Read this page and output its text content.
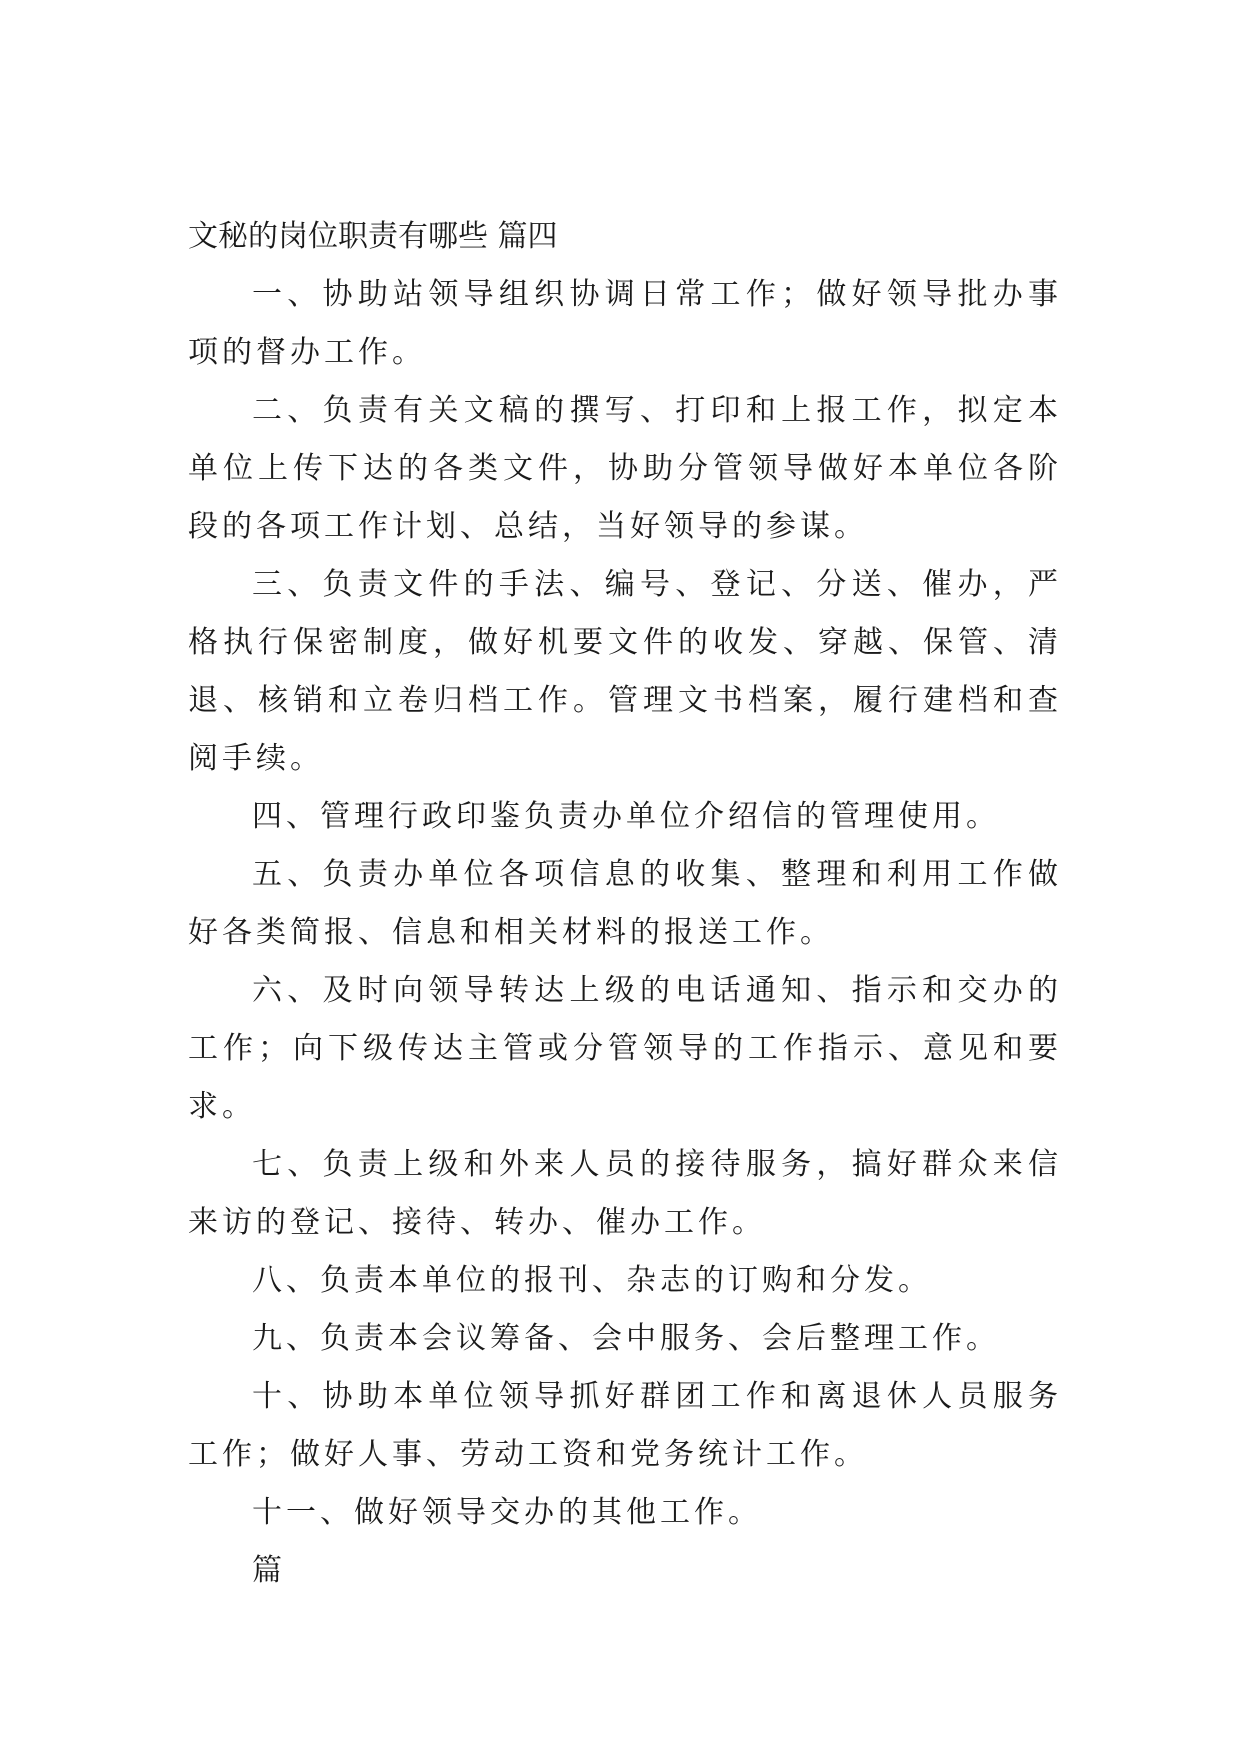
文秘的岗位职责有哪些 篇四

一、协助站领导组织协调日常工作；做好领导批办事项的督办工作。

二、负责有关文稿的撰写、打印和上报工作，拟定本单位上传下达的各类文件，协助分管领导做好本单位各阶段的各项工作计划、总结，当好领导的参谋。

三、负责文件的手法、编号、登记、分送、催办，严格执行保密制度，做好机要文件的收发、穿越、保管、清退、核销和立卷归档工作。管理文书档案，履行建档和查阅手续。

四、管理行政印鉴负责办单位介绍信的管理使用。

五、负责办单位各项信息的收集、整理和利用工作做好各类简报、信息和相关材料的报送工作。

六、及时向领导转达上级的电话通知、指示和交办的工作；向下级传达主管或分管领导的工作指示、意见和要求。

七、负责上级和外来人员的接待服务，搞好群众来信来访的登记、接待、转办、催办工作。

八、负责本单位的报刊、杂志的订购和分发。

九、负责本会议筹备、会中服务、会后整理工作。

十、协助本单位领导抓好群团工作和离退休人员服务工作；做好人事、劳动工资和党务统计工作。

十一、做好领导交办的其他工作。

篇
